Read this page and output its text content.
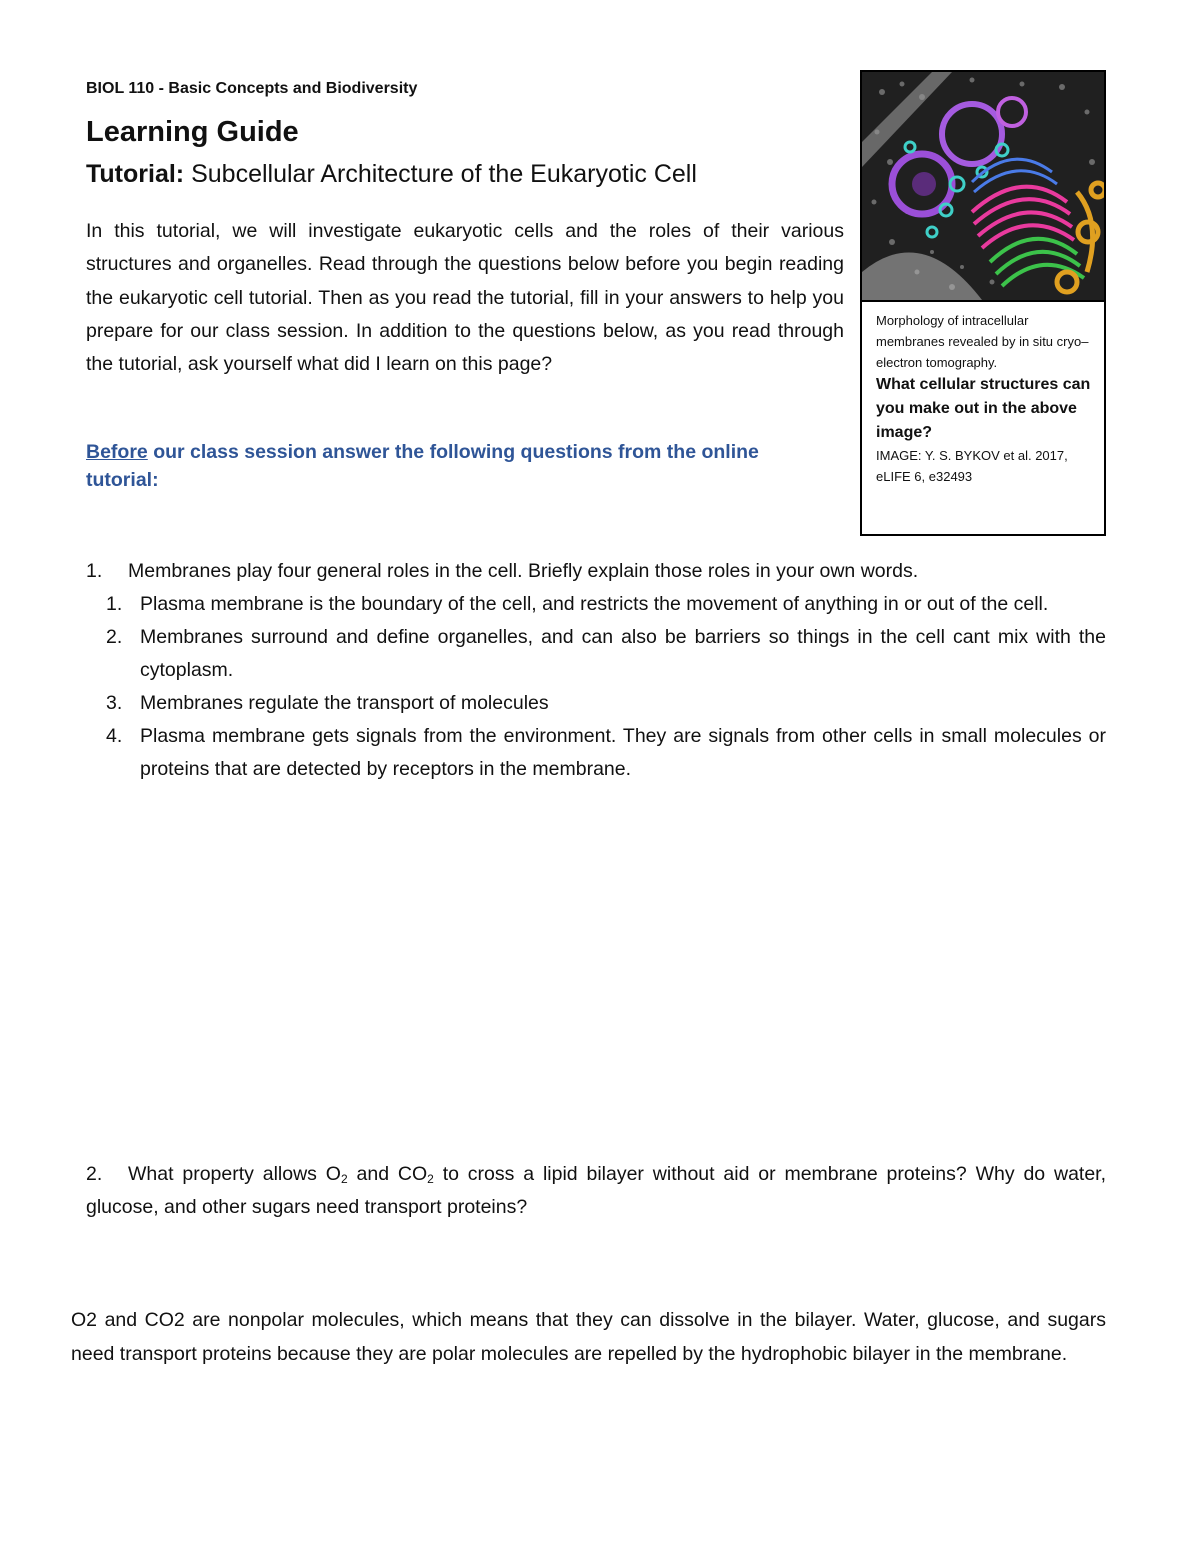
BIOL 110 - Basic Concepts and Biodiversity
Learning Guide
Tutorial: Subcellular Architecture of the Eukaryotic Cell

In this tutorial, we will investigate eukaryotic cells and the roles of their various structures and organelles. Read through the questions below before you begin reading the eukaryotic cell tutorial. Then as you read the tutorial, fill in your answers to help you prepare for our class session. In addition to the questions below, as you read through the tutorial, ask yourself what did I learn on this page?

Before our class session answer the following questions from the online tutorial:

Morphology of intracellular membranes revealed by in situ cryo–electron tomography.

What cellular structures can you make out in the above image?

IMAGE: Y. S. BYKOV et al. 2017, eLIFE 6, e32493

1. Membranes play four general roles in the cell. Briefly explain those roles in your own words.

1. Plasma membrane is the boundary of the cell, and restricts the movement of anything in or out of the cell.

2. Membranes surround and define organelles, and can also be barriers so things in the cell cant mix with the cytoplasm.

3. Membranes regulate the transport of molecules

4. Plasma membrane gets signals from the environment. They are signals from other cells in small molecules or proteins that are detected by receptors in the membrane.

2. What property allows $O_2$ and $CO_2$ to cross a lipid bilayer without aid or membrane proteins? Why do water, glucose, and other sugars need transport proteins?

O2 and CO2 are nonpolar molecules, which means that they can dissolve in the bilayer. Water, glucose, and sugars need transport proteins because they are polar molecules are repelled by the hydrophobic bilayer in the membrane.
